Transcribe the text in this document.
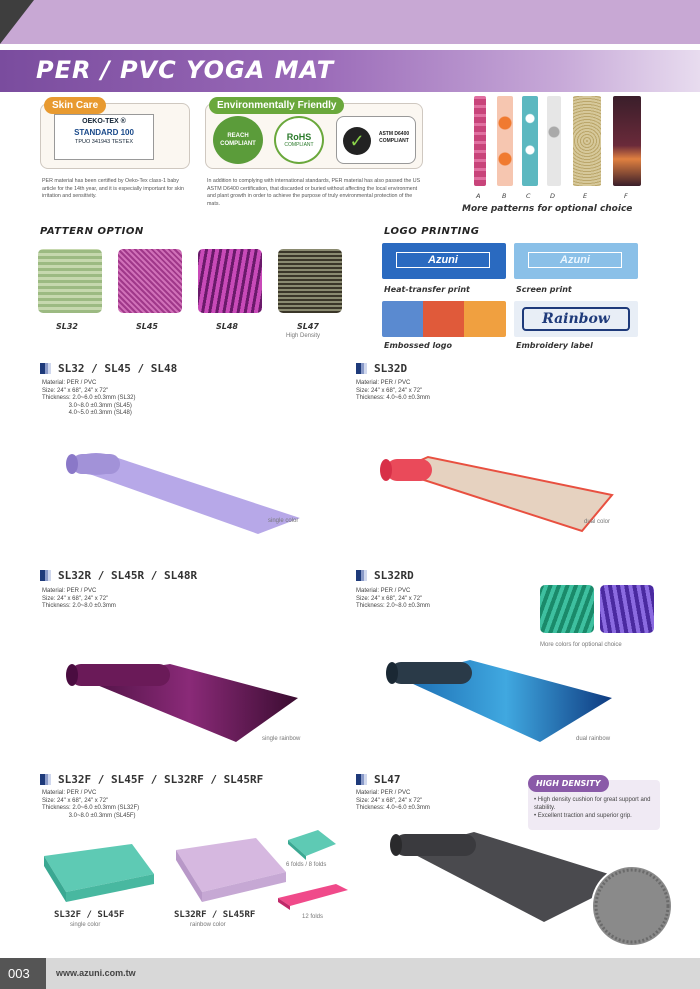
PER / PVC YOGA MAT
Skin Care
OEKO-TEX ®
STANDARD 100
TPUO 341943 TESTEX
PER material has been certified by Oeko-Tex class-1 baby article for the 14th year, and it is especially important for skin irritation and sensitivity.
Environmentally Friendly
REACH COMPLIANT
RoHS
COMPLIANT	✓	ASTM D6400 COMPLIANT
In addition to complying with international standards, PER material has also passed the US ASTM D6400 certification, that discarded or buried without affecting the local environment and plant growth in order to achieve the purpose of truly environmental protection of the mats.
A	B	C	D	E	F
More patterns for optional choice
PATTERN OPTION
SL32	SL45	SL48	SL47
High Density
LOGO PRINTING
Azuni	Azuni
Heat-transfer print	Screen print
Rainbow
Embossed logo	Embroidery label
SL32 / SL45 / SL48
Material: PER / PVC
Size: 24" x 68", 24" x 72"
Thickness: 2.0~6.0 ±0.3mm (SL32)
3.0~8.0 ±0.3mm (SL45)
4.0~5.0 ±0.3mm (SL48)
single color
SL32D
Material: PER / PVC
Size: 24" x 68", 24" x 72"
Thickness: 4.0~6.0 ±0.3mm
dual color
SL32R / SL45R / SL48R
Material: PER / PVC
Size: 24" x 68", 24" x 72"
Thickness: 2.0~8.0 ±0.3mm
single rainbow
SL32RD
Material: PER / PVC
Size: 24" x 68", 24" x 72"
Thickness: 2.0~8.0 ±0.3mm
More colors for optional choice
dual rainbow
SL32F / SL45F / SL32RF / SL45RF
Material: PER / PVC
Size: 24" x 68", 24" x 72"
Thickness: 2.0~6.0 ±0.3mm (SL32F)
3.0~8.0 ±0.3mm (SL45F)
6 folds / 8 folds
12 folds
SL32F / SL45F
single color
SL32RF / SL45RF
rainbow color
SL47
Material: PER / PVC
Size: 24" x 68", 24" x 72"
Thickness: 4.0~6.0 ±0.3mm
HIGH DENSITY
• High density cushion for great support and stability.
• Excellent traction and superior grip.
003	www.azuni.com.tw
